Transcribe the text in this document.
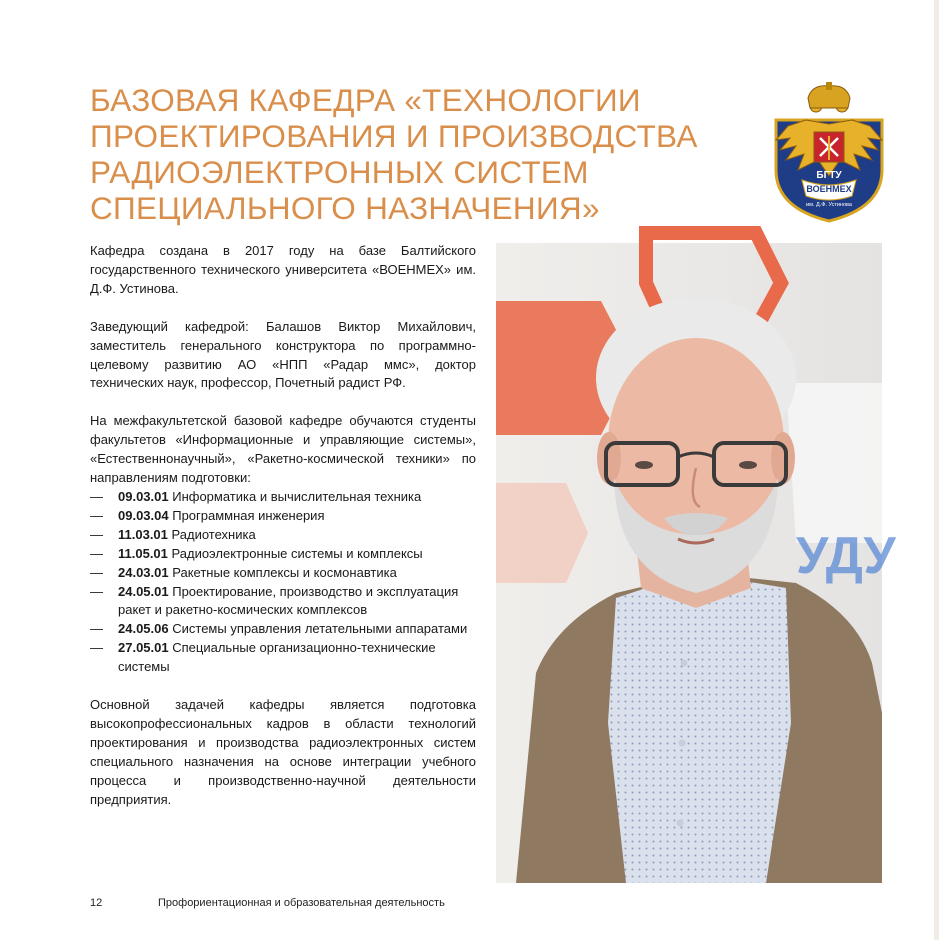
БАЗОВАЯ КАФЕДРА «ТЕХНОЛОГИИ
ПРОЕКТИРОВАНИЯ И ПРОИЗВОДСТВА
РАДИОЭЛЕКТРОННЫХ СИСТЕМ
СПЕЦИАЛЬНОГО НАЗНАЧЕНИЯ»
БГТУ
ВОЕНМЕХ
им. Д.Ф. Устинова

Кафедра создана в 2017 году на базе Балтийского государственного технического университета «ВОЕНМЕХ» им. Д.Ф. Устинова.

Заведующий кафедрой: Балашов Виктор Михайлович, заместитель генерального конструктора по программно-целевому развитию АО «НПП «Радар ммс», доктор технических наук, профессор, Почетный радист РФ.

На межфакультетской базовой кафедре обучаются студенты факультетов «Информационные и управляющие системы», «Естественнонаучный», «Ракетно-космической техники» по направлениям подготовки:

— 09.03.01 Информатика и вычислительная техника
— 09.03.04 Программная инженерия
— 11.03.01 Радиотехника
— 11.05.01 Радиоэлектронные системы и комплексы
— 24.03.01 Ракетные комплексы и космонавтика
— 24.05.01 Проектирование, производство и эксплуатация ракет и ракетно-космических комплексов
— 24.05.06 Системы управления летательными аппаратами
— 27.05.01 Специальные организационно-технические системы

Основной задачей кафедры является подготовка высокопрофессиональных кадров в области технологий проектирования и производства радиоэлектронных систем специального назначения на основе интеграции учебного процесса и производственно-научной деятельности предприятия.

УДУ
12	Профориентационная и образовательная деятельность
